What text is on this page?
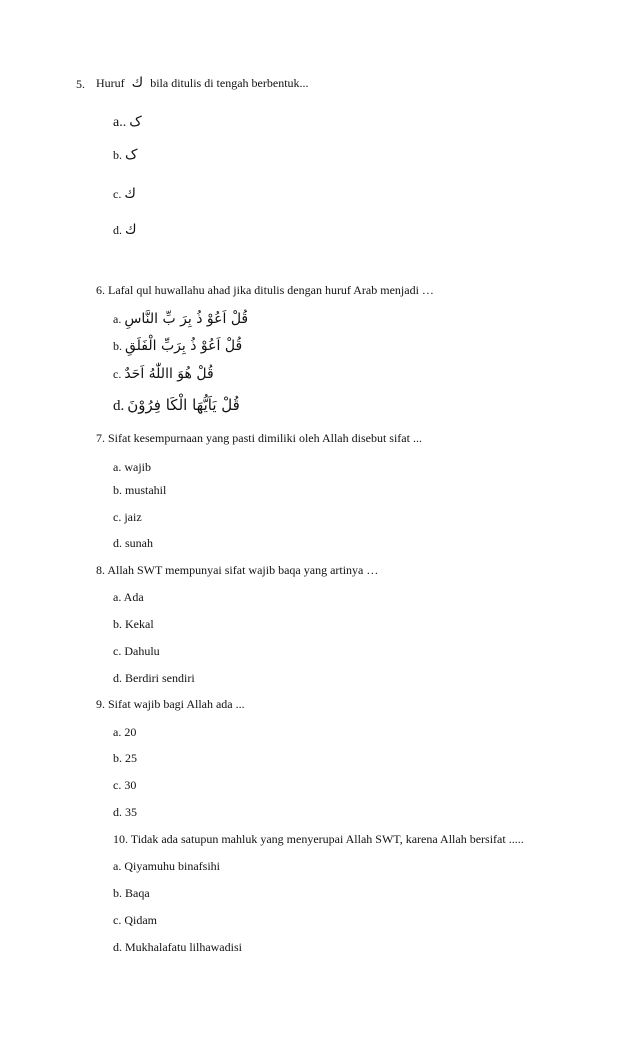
5. Huruf ك bila ditulis di tengah berbentuk...
a.. ک
b. ک
c. ك
d. ك
6. Lafal qul huwallahu ahad jika ditulis dengan huruf Arab menjadi …
a. قُلْ اَعُوْ ذُ بِرَ بِّ النَّاسِ
b. قُلْ اَعُوْ ذُ بِرَبِّ الْفَلَقِ
c. قُلْ هُوَ االلّٰهُ اَحَدٌ
d. قُلْ يَاَيُّهَا الْكَا فِرُوْنَ
7. Sifat kesempurnaan yang pasti dimiliki oleh Allah disebut sifat ...
a. wajib
b. mustahil
c. jaiz
d. sunah
8. Allah SWT mempunyai sifat wajib baqa yang artinya …
a. Ada
b. Kekal
c. Dahulu
d. Berdiri sendiri
9. Sifat wajib bagi Allah ada ...
a. 20
b. 25
c. 30
d. 35
10. Tidak ada satupun mahluk yang menyerupai Allah SWT, karena Allah bersifat .....
a. Qiyamuhu binafsihi
b. Baqa
c. Qidam
d. Mukhalafatu lilhawadisi
